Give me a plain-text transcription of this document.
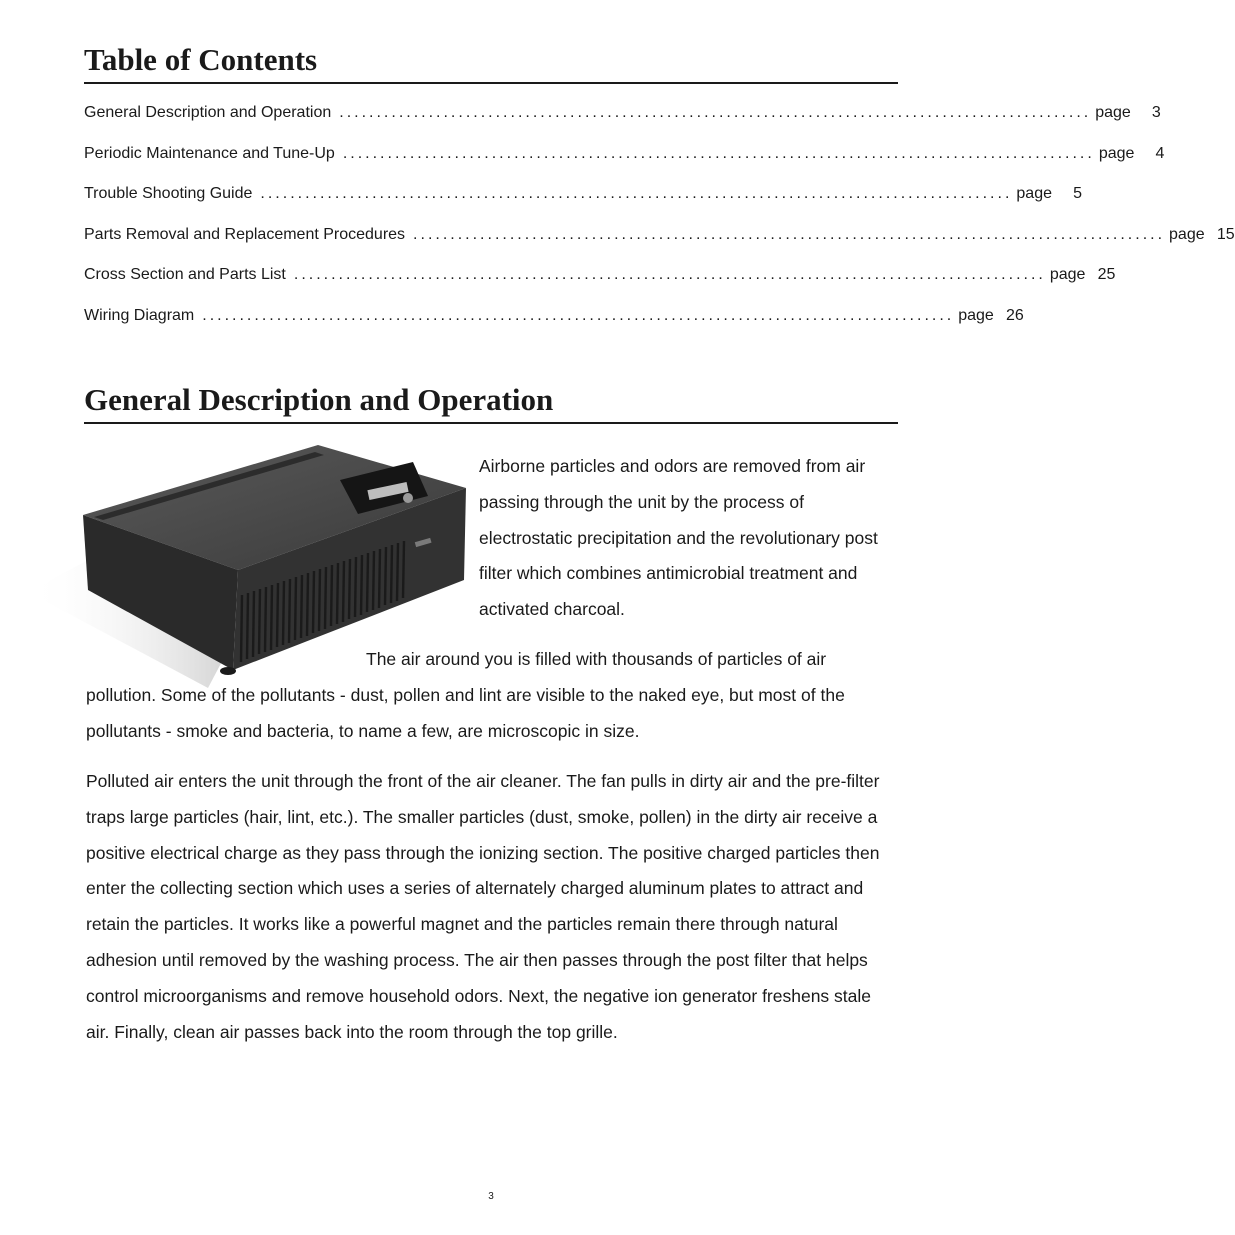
Table of Contents
General Description and Operation ..................................................................................................... page	3
Periodic Maintenance and Tune-Up ..................................................................................................... page	4
Trouble Shooting Guide ..................................................................................................... page	5
Parts Removal and Replacement Procedures ..................................................................................................... page 15
Cross Section and Parts List ..................................................................................................... page 25
Wiring Diagram ..................................................................................................... page 26
General Description and Operation

Airborne particles and odors are removed from air passing through the unit by the process of electrostatic precipitation and the revolutionary post filter which combines antimicrobial treatment and activated charcoal.

The air around you is filled with thousands of particles of air pollution. Some of the pollutants - dust, pollen and lint are visible to the naked eye, but most of the pollutants - smoke and bacteria, to name a few, are microscopic in size.

Polluted air enters the unit through the front of the air cleaner. The fan pulls in dirty air and the pre-filter traps large particles (hair, lint, etc.). The smaller particles (dust, smoke, pollen) in the dirty air receive a positive electrical charge as they pass through the ionizing section. The positive charged particles then enter the collecting section which uses a series of alternately charged aluminum plates to attract and retain the particles. It works like a powerful magnet and the particles remain there through natural adhesion until removed by the washing process. The air then passes through the post filter that helps control microorganisms and remove household odors. Next, the negative ion generator freshens stale air. Finally, clean air passes back into the room through the top grille.

3
